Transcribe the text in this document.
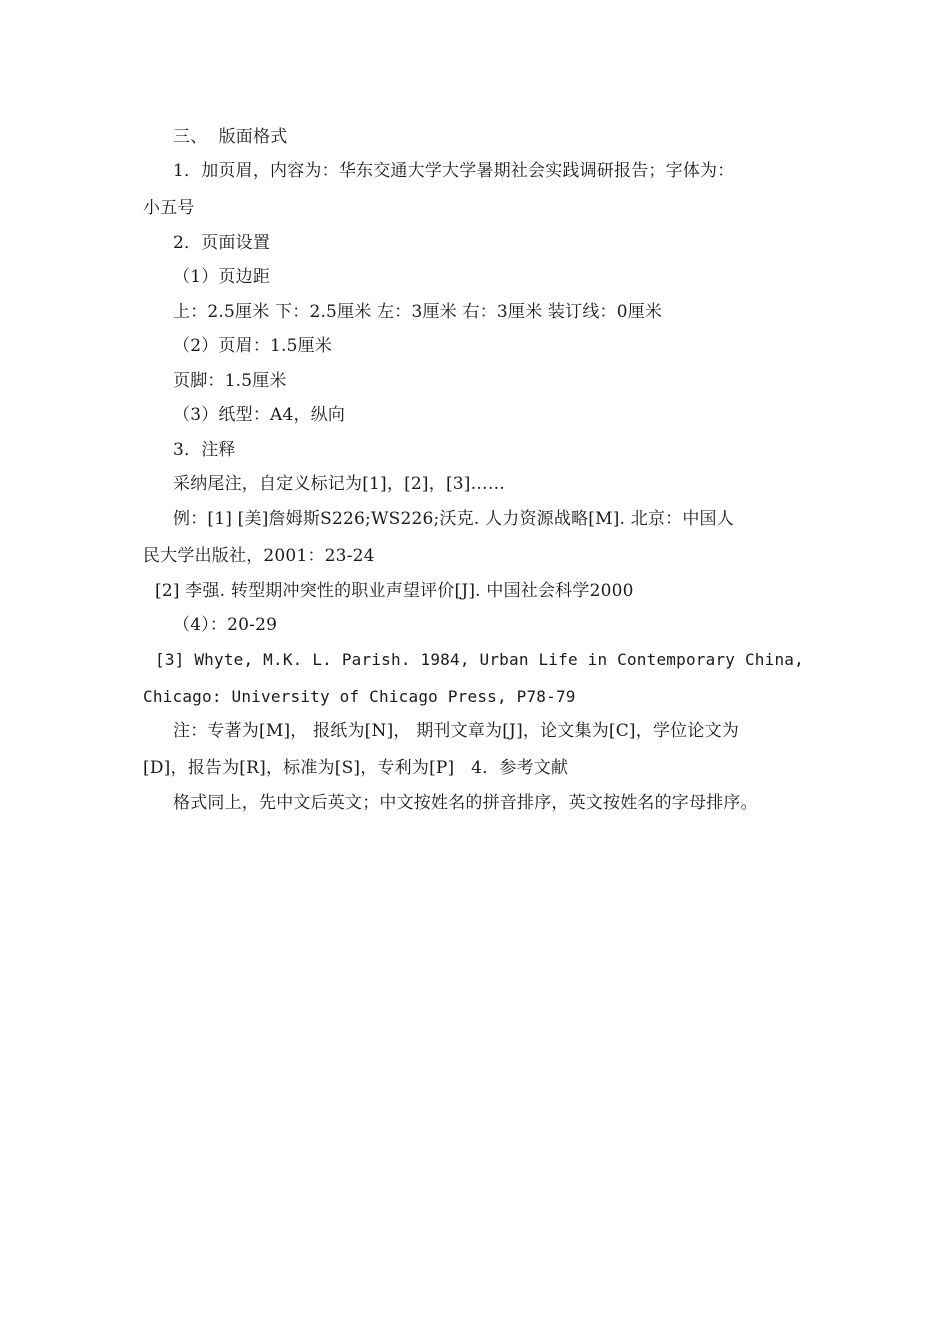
三、  版面格式
1．加页眉，内容为：华东交通大学大学暑期社会实践调研报告；字体为：
小五号
2．页面设置
（1）页边距
上：2.5厘米 下：2.5厘米 左：3厘米 右：3厘米 装订线：0厘米
（2）页眉：1.5厘米
页脚：1.5厘米
（3）纸型：A4，纵向
3．注释
采纳尾注，自定义标记为[1]，[2]，[3]……
例：[1] [美]詹姆斯S226;WS226;沃克. 人力资源战略[M]. 北京：中国人
民大学出版社，2001：23-24
[2] 李强. 转型期冲突性的职业声望评价[J]. 中国社会科学2000
（4）：20-29
[3] Whyte, M.K. L. Parish. 1984, Urban Life in Contemporary China,
Chicago: University of Chicago Press, P78-79
注：专著为[M]， 报纸为[N]， 期刊文章为[J]，论文集为[C]，学位论文为
[D]，报告为[R]，标准为[S]，专利为[P]   4．参考文献
格式同上，先中文后英文；中文按姓名的拼音排序，英文按姓名的字母排序。
